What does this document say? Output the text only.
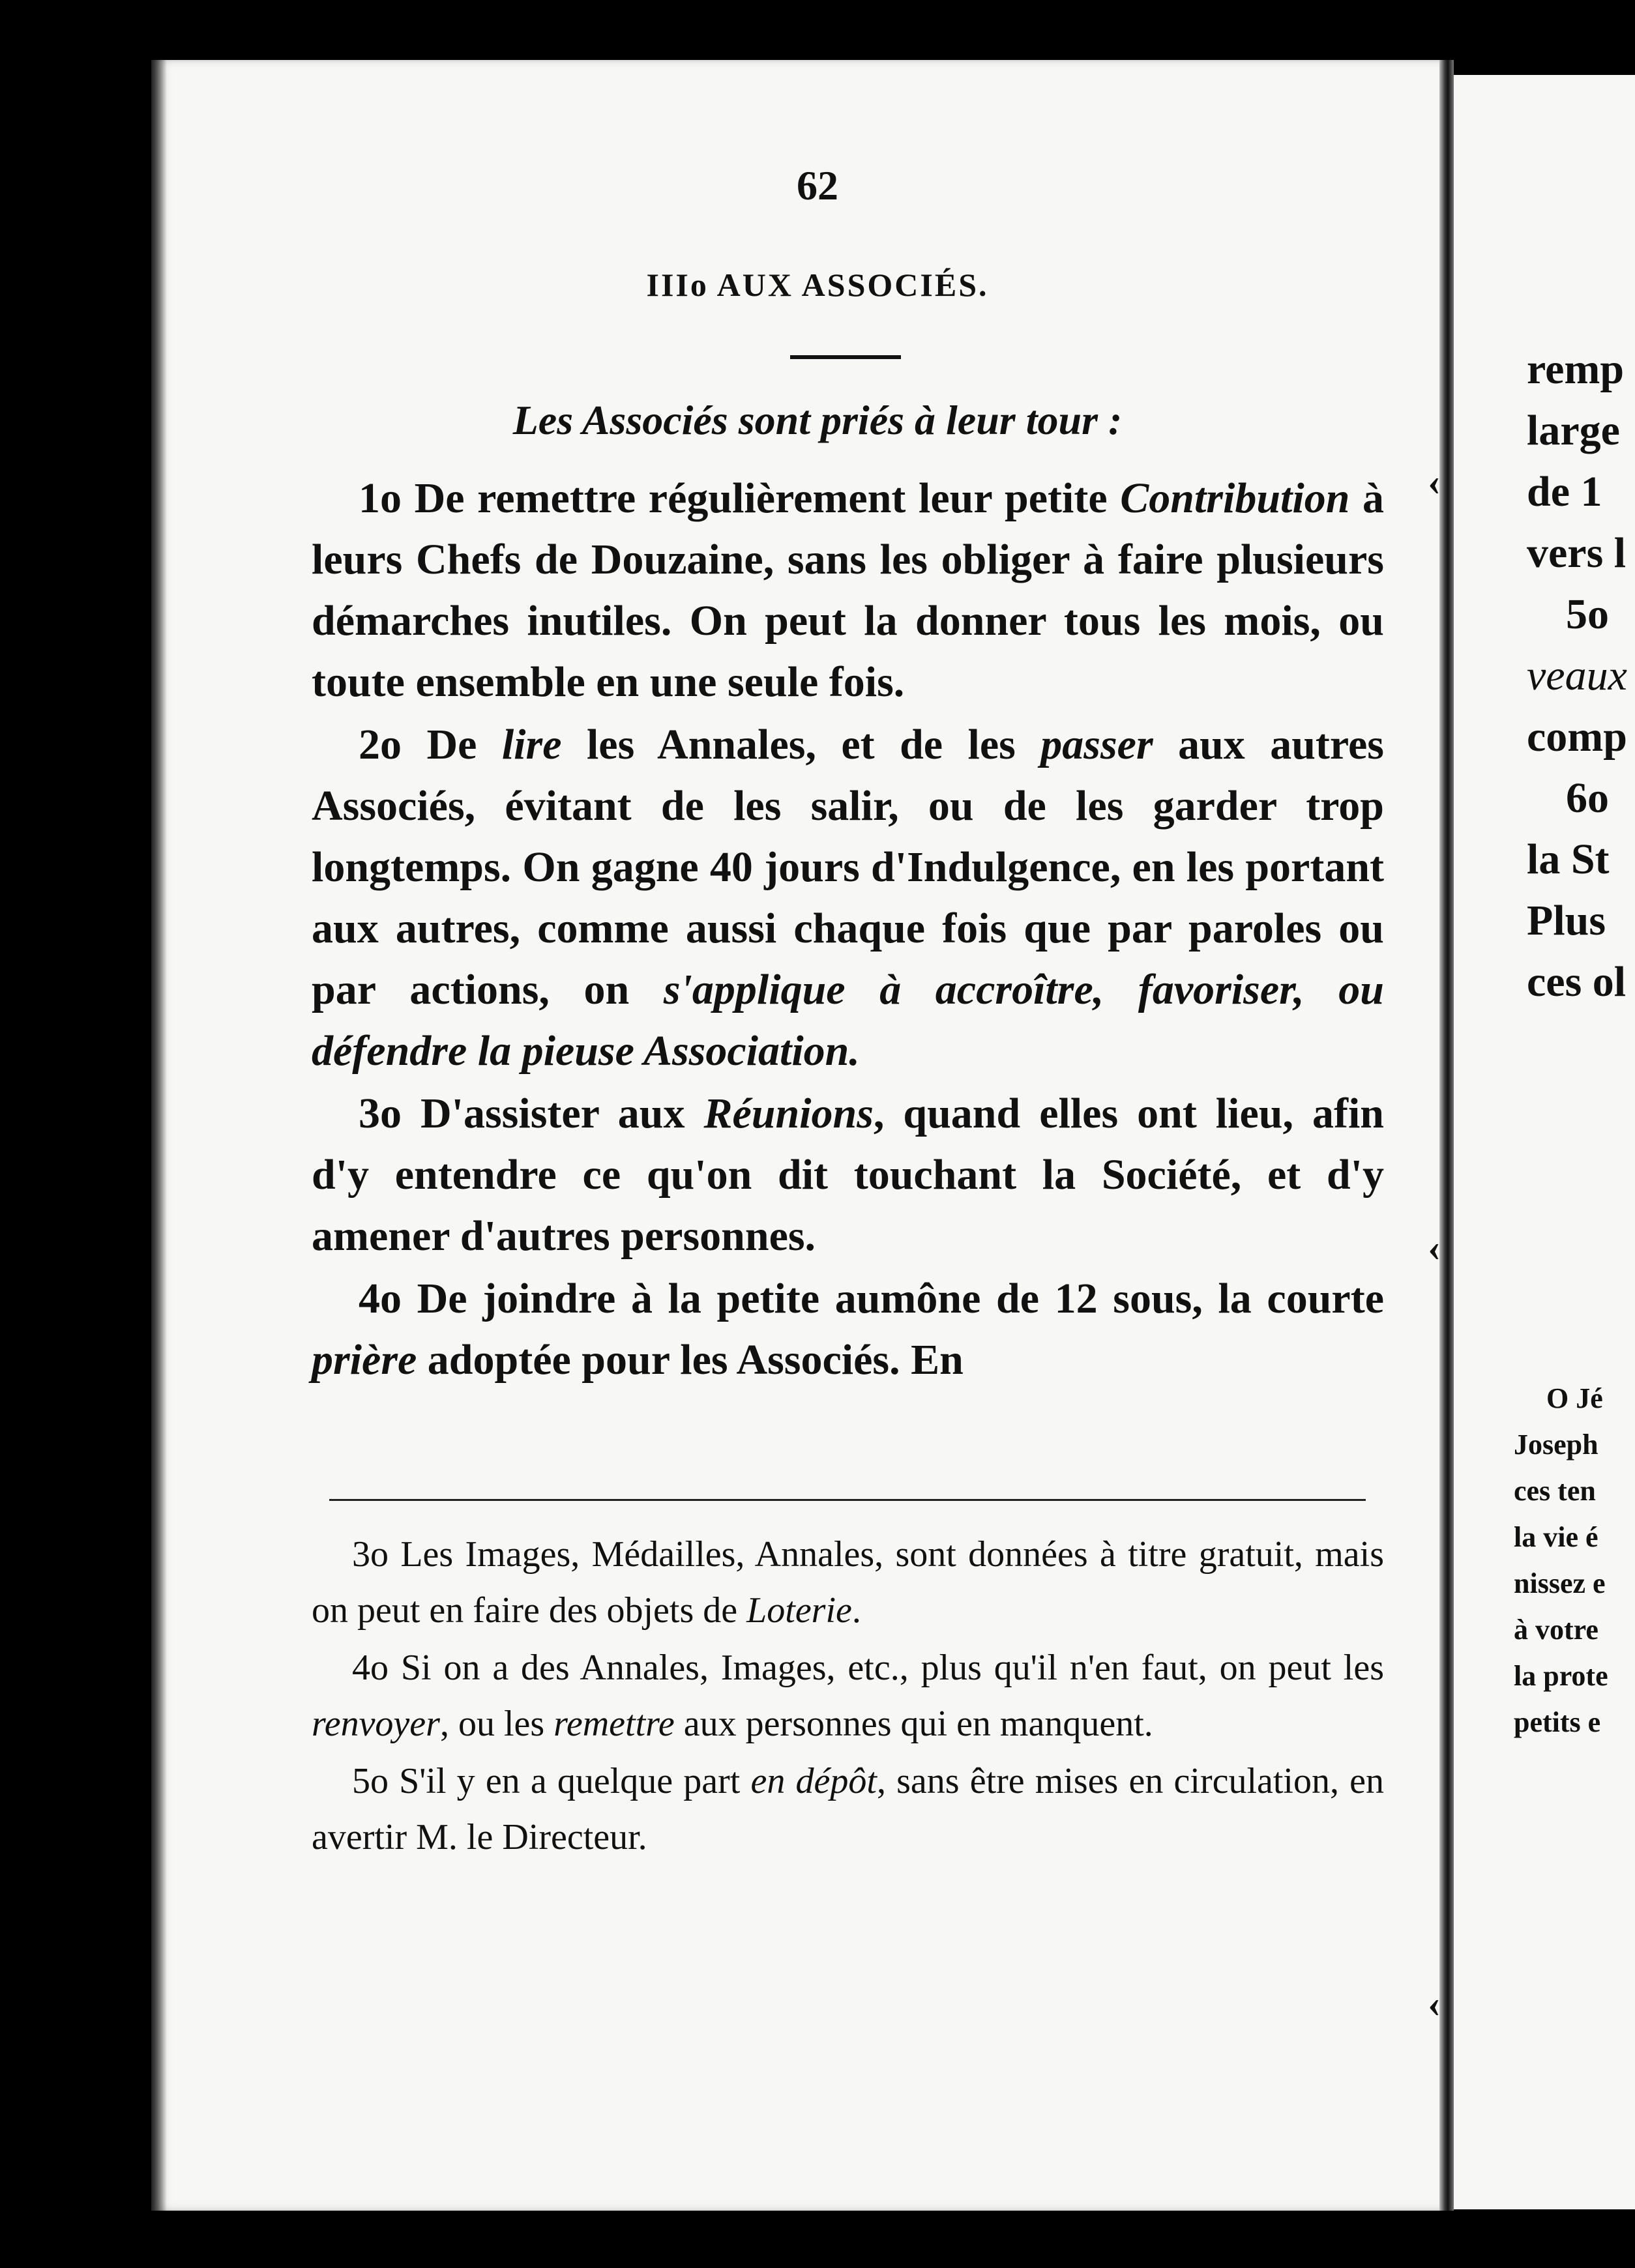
remp
large
de 1
vers l
5o
veaux
comp
6o
la St
Plus
ces ol
O Jé
Joseph
ces ten
la vie é
nissez e
à votre
la prote
petits e
‹
‹
‹
62
IIIo AUX ASSOCIÉS.
Les Associés sont priés à leur tour :

1o De remettre régulièrement leur petite Contribution à leurs Chefs de Douzaine, sans les obliger à faire plusieurs démarches inutiles. On peut la donner tous les mois, ou toute ensemble en une seule fois.

2o De lire les Annales, et de les passer aux autres Associés, évitant de les salir, ou de les garder trop longtemps. On gagne 40 jours d'Indulgence, en les portant aux autres, comme aussi chaque fois que par paroles ou par actions, on s'applique à accroître, favoriser, ou défendre la pieuse Association.

3o D'assister aux Réunions, quand elles ont lieu, afin d'y entendre ce qu'on dit touchant la Société, et d'y amener d'autres personnes.

4o De joindre à la petite aumône de 12 sous, la courte prière adoptée pour les Associés. En

3o Les Images, Médailles, Annales, sont données à titre gratuit, mais on peut en faire des objets de Loterie.

4o Si on a des Annales, Images, etc., plus qu'il n'en faut, on peut les renvoyer, ou les remettre aux personnes qui en manquent.

5o S'il y en a quelque part en dépôt, sans être mises en circulation, en avertir M. le Directeur.
